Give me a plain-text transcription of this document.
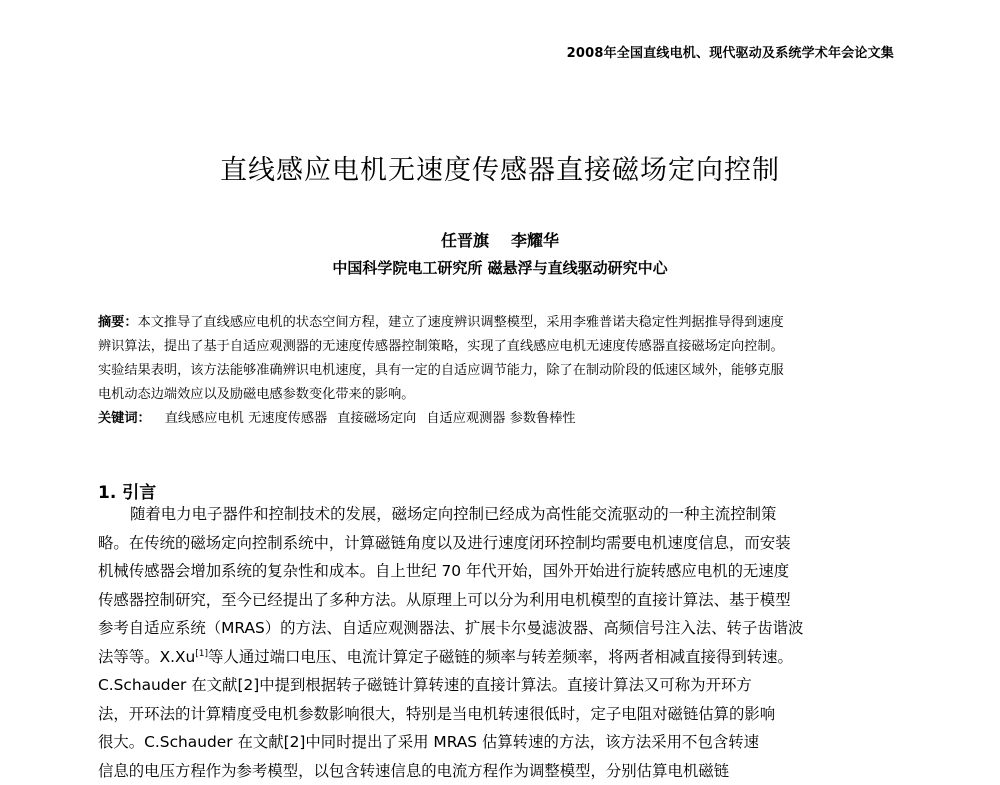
2008年全国直线电机、现代驱动及系统学术年会论文集
直线感应电机无速度传感器直接磁场定向控制
任晋旗 李耀华
中国科学院电工研究所 磁悬浮与直线驱动研究中心
摘要：本文推导了直线感应电机的状态空间方程，建立了速度辨识调整模型，采用李雅普诺夫稳定性判据推导得到速度
辨识算法，提出了基于自适应观测器的无速度传感器控制策略，实现了直线感应电机无速度传感器直接磁场定向控制。
实验结果表明，该方法能够准确辨识电机速度，具有一定的自适应调节能力，除了在制动阶段的低速区域外，能够克服
电机动态边端效应以及励磁电感参数变化带来的影响。
关键词： 直线感应电机 无速度传感器 直接磁场定向 自适应观测器 参数鲁棒性
1. 引言
随着电力电子器件和控制技术的发展，磁场定向控制已经成为高性能交流驱动的一种主流控制策
略。在传统的磁场定向控制系统中，计算磁链角度以及进行速度闭环控制均需要电机速度信息，而安装
机械传感器会增加系统的复杂性和成本。自上世纪 70 年代开始，国外开始进行旋转感应电机的无速度
传感器控制研究，至今已经提出了多种方法。从原理上可以分为利用电机模型的直接计算法、基于模型
参考自适应系统（MRAS）的方法、自适应观测器法、扩展卡尔曼滤波器、高频信号注入法、转子齿谐波
法等等。X.Xu[1]等人通过端口电压、电流计算定子磁链的频率与转差频率，将两者相减直接得到转速。
C.Schauder 在文献[2]中提到根据转子磁链计算转速的直接计算法。直接计算法又可称为开环方
法，开环法的计算精度受电机参数影响很大，特别是当电机转速很低时，定子电阻对磁链估算的影响
很大。C.Schauder 在文献[2]中同时提出了采用 MRAS 估算转速的方法，该方法采用不包含转速
信息的电压方程作为参考模型，以包含转速信息的电流方程作为调整模型，分别估算电机磁链
